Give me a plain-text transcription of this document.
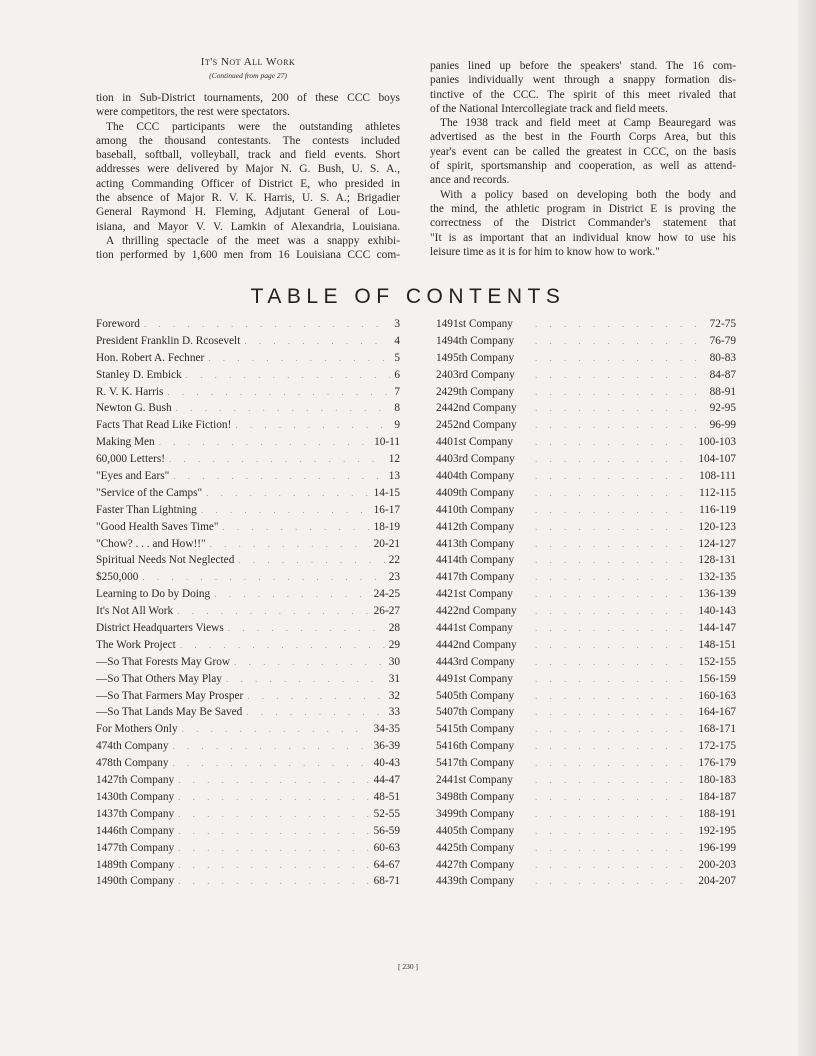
It's Not All Work
(Continued from page 27)
tion in Sub-District tournaments, 200 of these CCC boys
were competitors, the rest were spectators.
The CCC participants were the outstanding athletes
among the thousand contestants. The contests included
baseball, softball, volleyball, track and field events. Short
addresses were delivered by Major N. G. Bush, U. S. A.,
acting Commanding Officer of District E, who presided in
the absence of Major R. V. K. Harris, U. S. A.; Brigadier
General Raymond H. Fleming, Adjutant General of Lou-
isiana, and Mayor V. V. Lamkin of Alexandria, Louisiana.
A thrilling spectacle of the meet was a snappy exhibi-
tion performed by 1,600 men from 16 Louisiana CCC com-
panies lined up before the speakers' stand. The 16 com-
panies individually went through a snappy formation dis-
tinctive of the CCC. The spirit of this meet rivaled that
of the National Intercollegiate track and field meets.
The 1938 track and field meet at Camp Beauregard was
advertised as the best in the Fourth Corps Area, but this
year's event can be called the greatest in CCC, on the basis
of spirit, sportsmanship and cooperation, as well as attend-
ance and records.
With a policy based on developing both the body and
the mind, the athletic program in District E is proving the
correctness of the District Commander's statement that
"It is as important that an individual know how to use his
leisure time as it is for him to know how to work."
TABLE OF CONTENTS
Foreword . . .	3
President Franklin D. Rcosevelt . . .	4
Hon. Robert A. Fechner . . .	5
Stanley D. Embick . . .	6
R. V. K. Harris . . .	7
Newton G. Bush . . .	8
Facts That Read Like Fiction! . . .	9
Making Men . . .	10-11
60,000 Letters! . . .	12
"Eyes and Ears" . . .	13
"Service of the Camps" . . .	14-15
Faster Than Lightning . . .	16-17
"Good Health Saves Time" . . .	18-19
"Chow? . . . and How!!" . . .	20-21
Spiritual Needs Not Neglected . . .	22
$250,000 . . .	23
Learning to Do by Doing . . .	24-25
It's Not All Work . . .	26-27
District Headquarters Views . . .	28
The Work Project . . .	29
—So That Forests May Grow . . .	30
—So That Others May Play . . .	31
—So That Farmers May Prosper . . .	32
—So That Lands May Be Saved . . .	33
For Mothers Only . . .	34-35
474th Company . . .	36-39
478th Company . . .	40-43
1427th Company . . .	44-47
1430th Company . . .	48-51
1437th Company . . .	52-55
1446th Company . . .	56-59
1477th Company . . .	60-63
1489th Company . . .	64-67
1490th Company . . .	68-71
1491st Company . . .	72-75
1494th Company . . .	76-79
1495th Company . . .	80-83
2403rd Company . . .	84-87
2429th Company . . .	88-91
2442nd Company . . .	92-95
2452nd Company . . .	96-99
4401st Company . . .	100-103
4403rd Company . . .	104-107
4404th Company . . .	108-111
4409th Company . . .	112-115
4410th Company . . .	116-119
4412th Company . . .	120-123
4413th Company . . .	124-127
4414th Company . . .	128-131
4417th Company . . .	132-135
4421st Company . . .	136-139
4422nd Company . . .	140-143
4441st Company . . .	144-147
4442nd Company . . .	148-151
4443rd Company . . .	152-155
4491st Company . . .	156-159
5405th Company . . .	160-163
5407th Company . . .	164-167
5415th Company . . .	168-171
5416th Company . . .	172-175
5417th Company . . .	176-179
2441st Company . . .	180-183
3498th Company . . .	184-187
3499th Company . . .	188-191
4405th Company . . .	192-195
4425th Company . . .	196-199
4427th Company . . .	200-203
4439th Company . . .	204-207
[ 230 ]
